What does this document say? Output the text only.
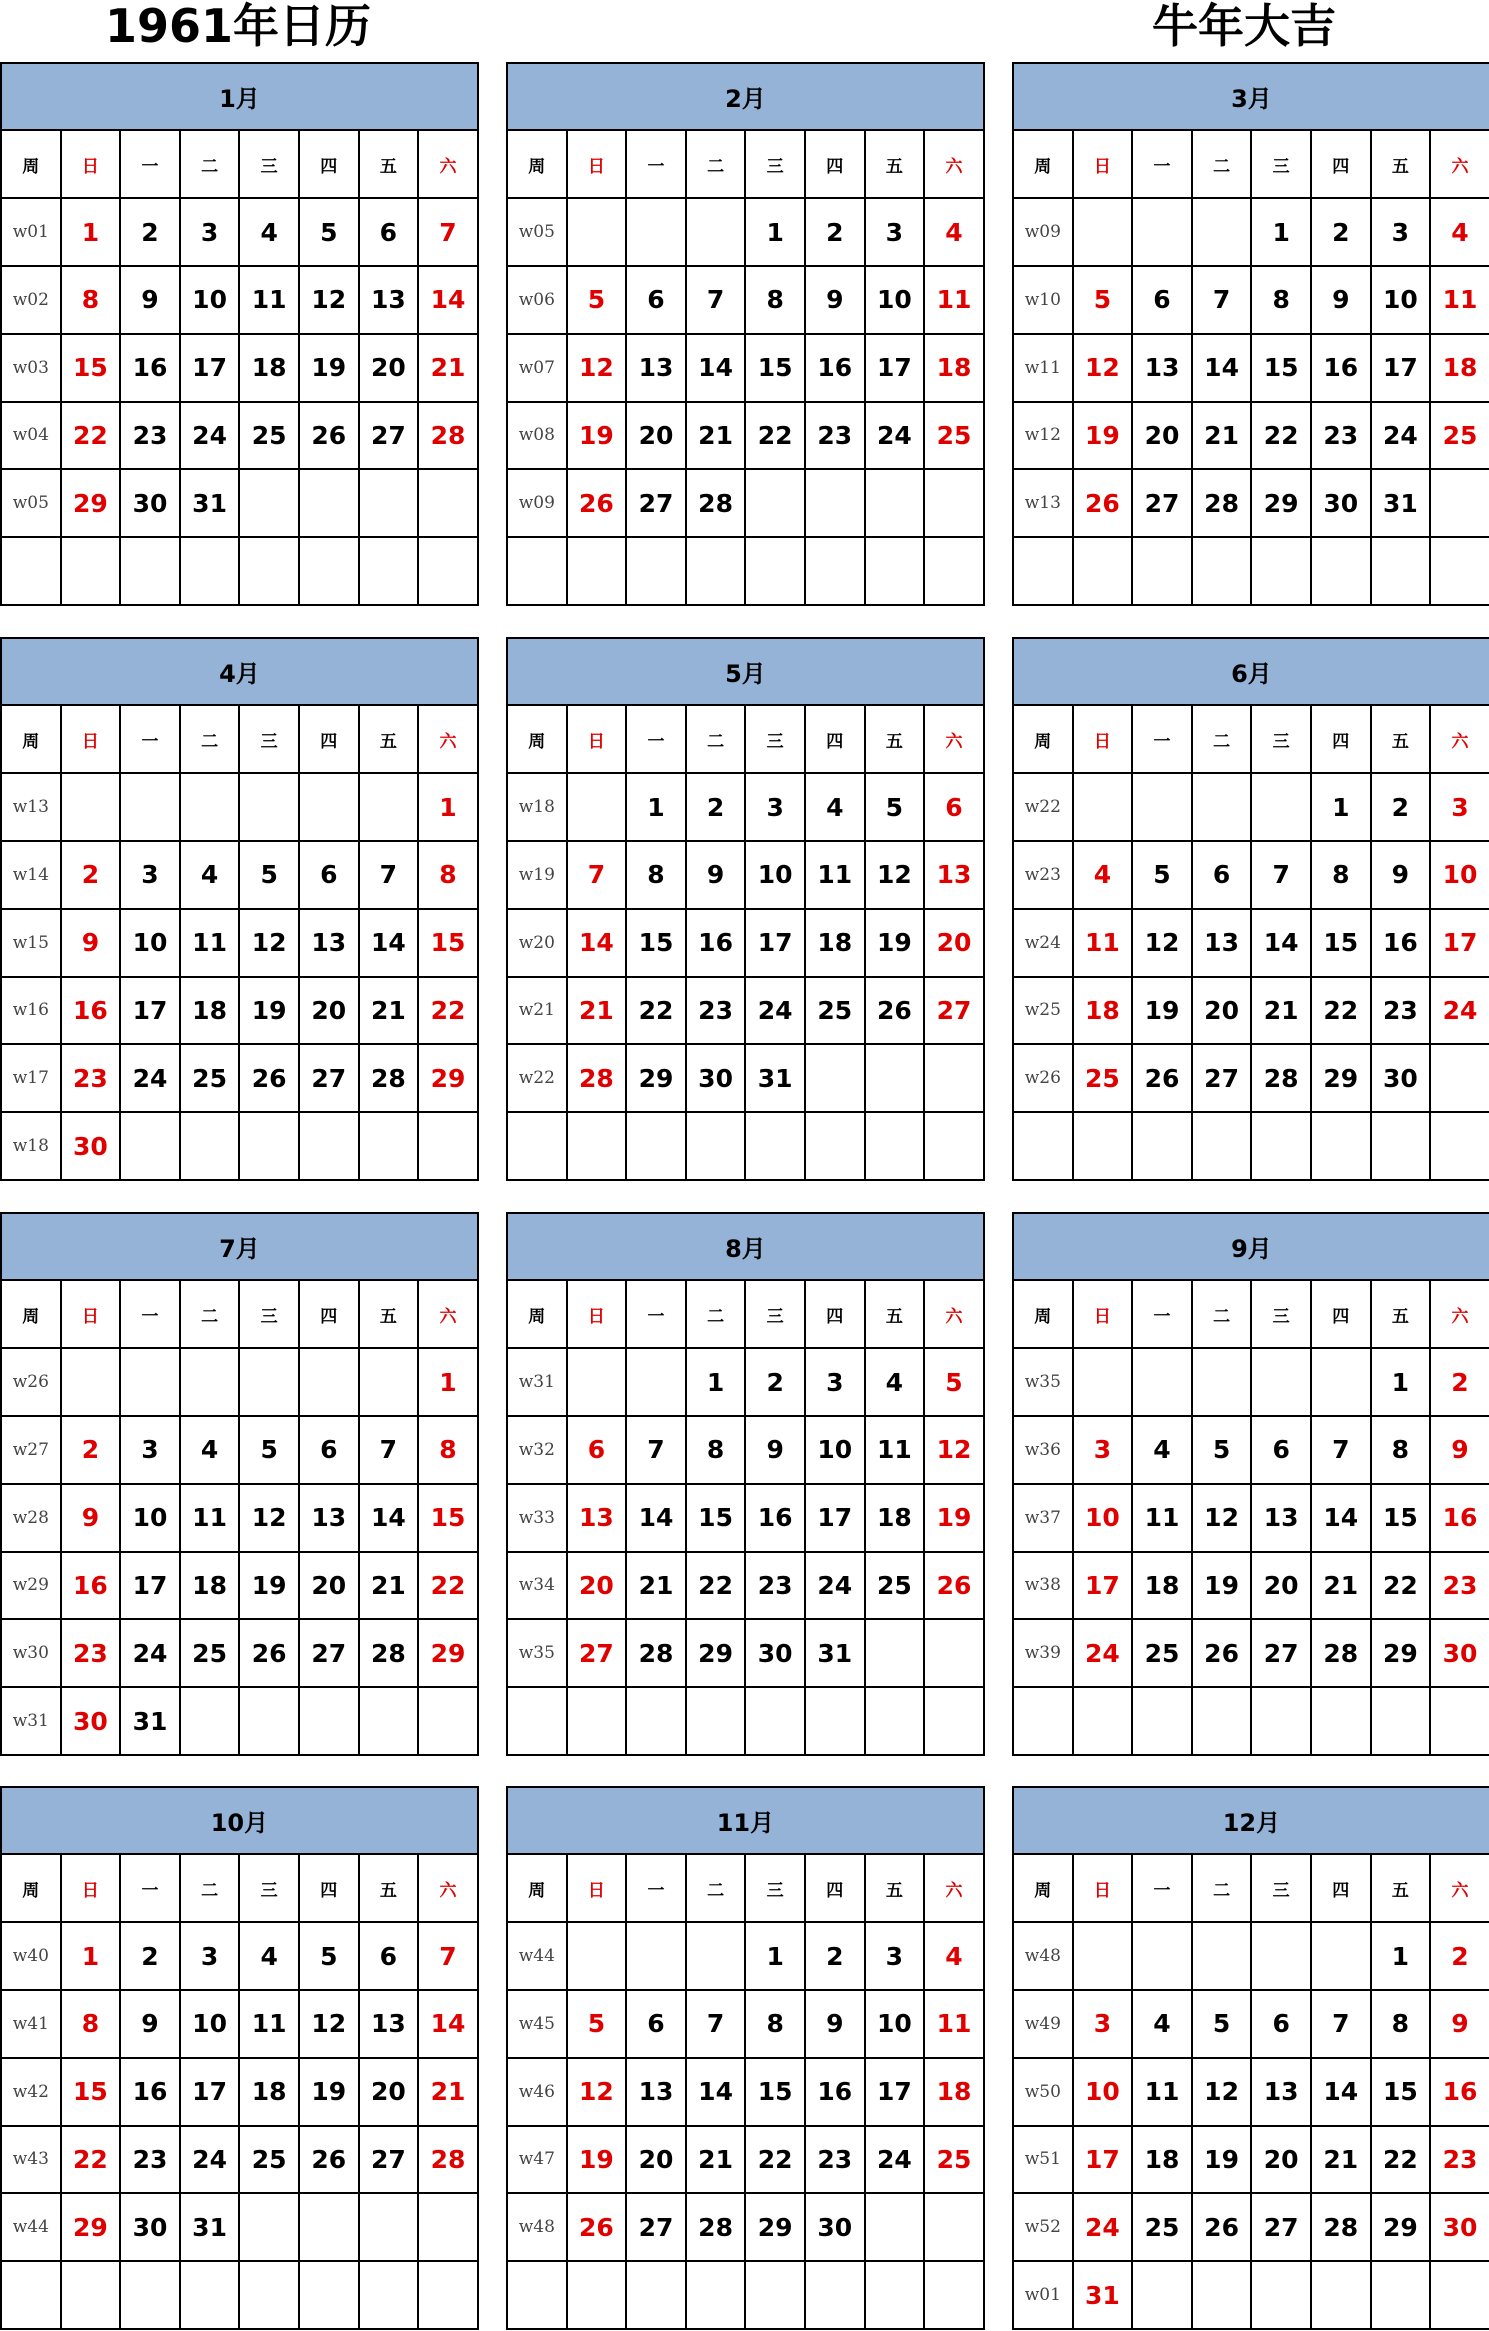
1961年日历	牛年大吉
1月							
周	日	一	二	三	四	五	六
w01	1	2	3	4	5	6	7
w02	8	9	10	11	12	13	14
w03	15	16	17	18	19	20	21
w04	22	23	24	25	26	27	28
w05	29	30	31				

2月							
周	日	一	二	三	四	五	六
w05				1	2	3	4
w06	5	6	7	8	9	10	11
w07	12	13	14	15	16	17	18
w08	19	20	21	22	23	24	25
w09	26	27	28				

3月							
周	日	一	二	三	四	五	六
w09				1	2	3	4
w10	5	6	7	8	9	10	11
w11	12	13	14	15	16	17	18
w12	19	20	21	22	23	24	25
w13	26	27	28	29	30	31	

4月							
周	日	一	二	三	四	五	六
w13							1
w14	2	3	4	5	6	7	8
w15	9	10	11	12	13	14	15
w16	16	17	18	19	20	21	22
w17	23	24	25	26	27	28	29
w18	30						
5月							
周	日	一	二	三	四	五	六
w18		1	2	3	4	5	6
w19	7	8	9	10	11	12	13
w20	14	15	16	17	18	19	20
w21	21	22	23	24	25	26	27
w22	28	29	30	31			

6月							
周	日	一	二	三	四	五	六
w22					1	2	3
w23	4	5	6	7	8	9	10
w24	11	12	13	14	15	16	17
w25	18	19	20	21	22	23	24
w26	25	26	27	28	29	30	

7月							
周	日	一	二	三	四	五	六
w26							1
w27	2	3	4	5	6	7	8
w28	9	10	11	12	13	14	15
w29	16	17	18	19	20	21	22
w30	23	24	25	26	27	28	29
w31	30	31					
8月							
周	日	一	二	三	四	五	六
w31			1	2	3	4	5
w32	6	7	8	9	10	11	12
w33	13	14	15	16	17	18	19
w34	20	21	22	23	24	25	26
w35	27	28	29	30	31		

9月							
周	日	一	二	三	四	五	六
w35						1	2
w36	3	4	5	6	7	8	9
w37	10	11	12	13	14	15	16
w38	17	18	19	20	21	22	23
w39	24	25	26	27	28	29	30

10月							
周	日	一	二	三	四	五	六
w40	1	2	3	4	5	6	7
w41	8	9	10	11	12	13	14
w42	15	16	17	18	19	20	21
w43	22	23	24	25	26	27	28
w44	29	30	31				

11月							
周	日	一	二	三	四	五	六
w44				1	2	3	4
w45	5	6	7	8	9	10	11
w46	12	13	14	15	16	17	18
w47	19	20	21	22	23	24	25
w48	26	27	28	29	30		

12月							
周	日	一	二	三	四	五	六
w48						1	2
w49	3	4	5	6	7	8	9
w50	10	11	12	13	14	15	16
w51	17	18	19	20	21	22	23
w52	24	25	26	27	28	29	30
w01	31						
